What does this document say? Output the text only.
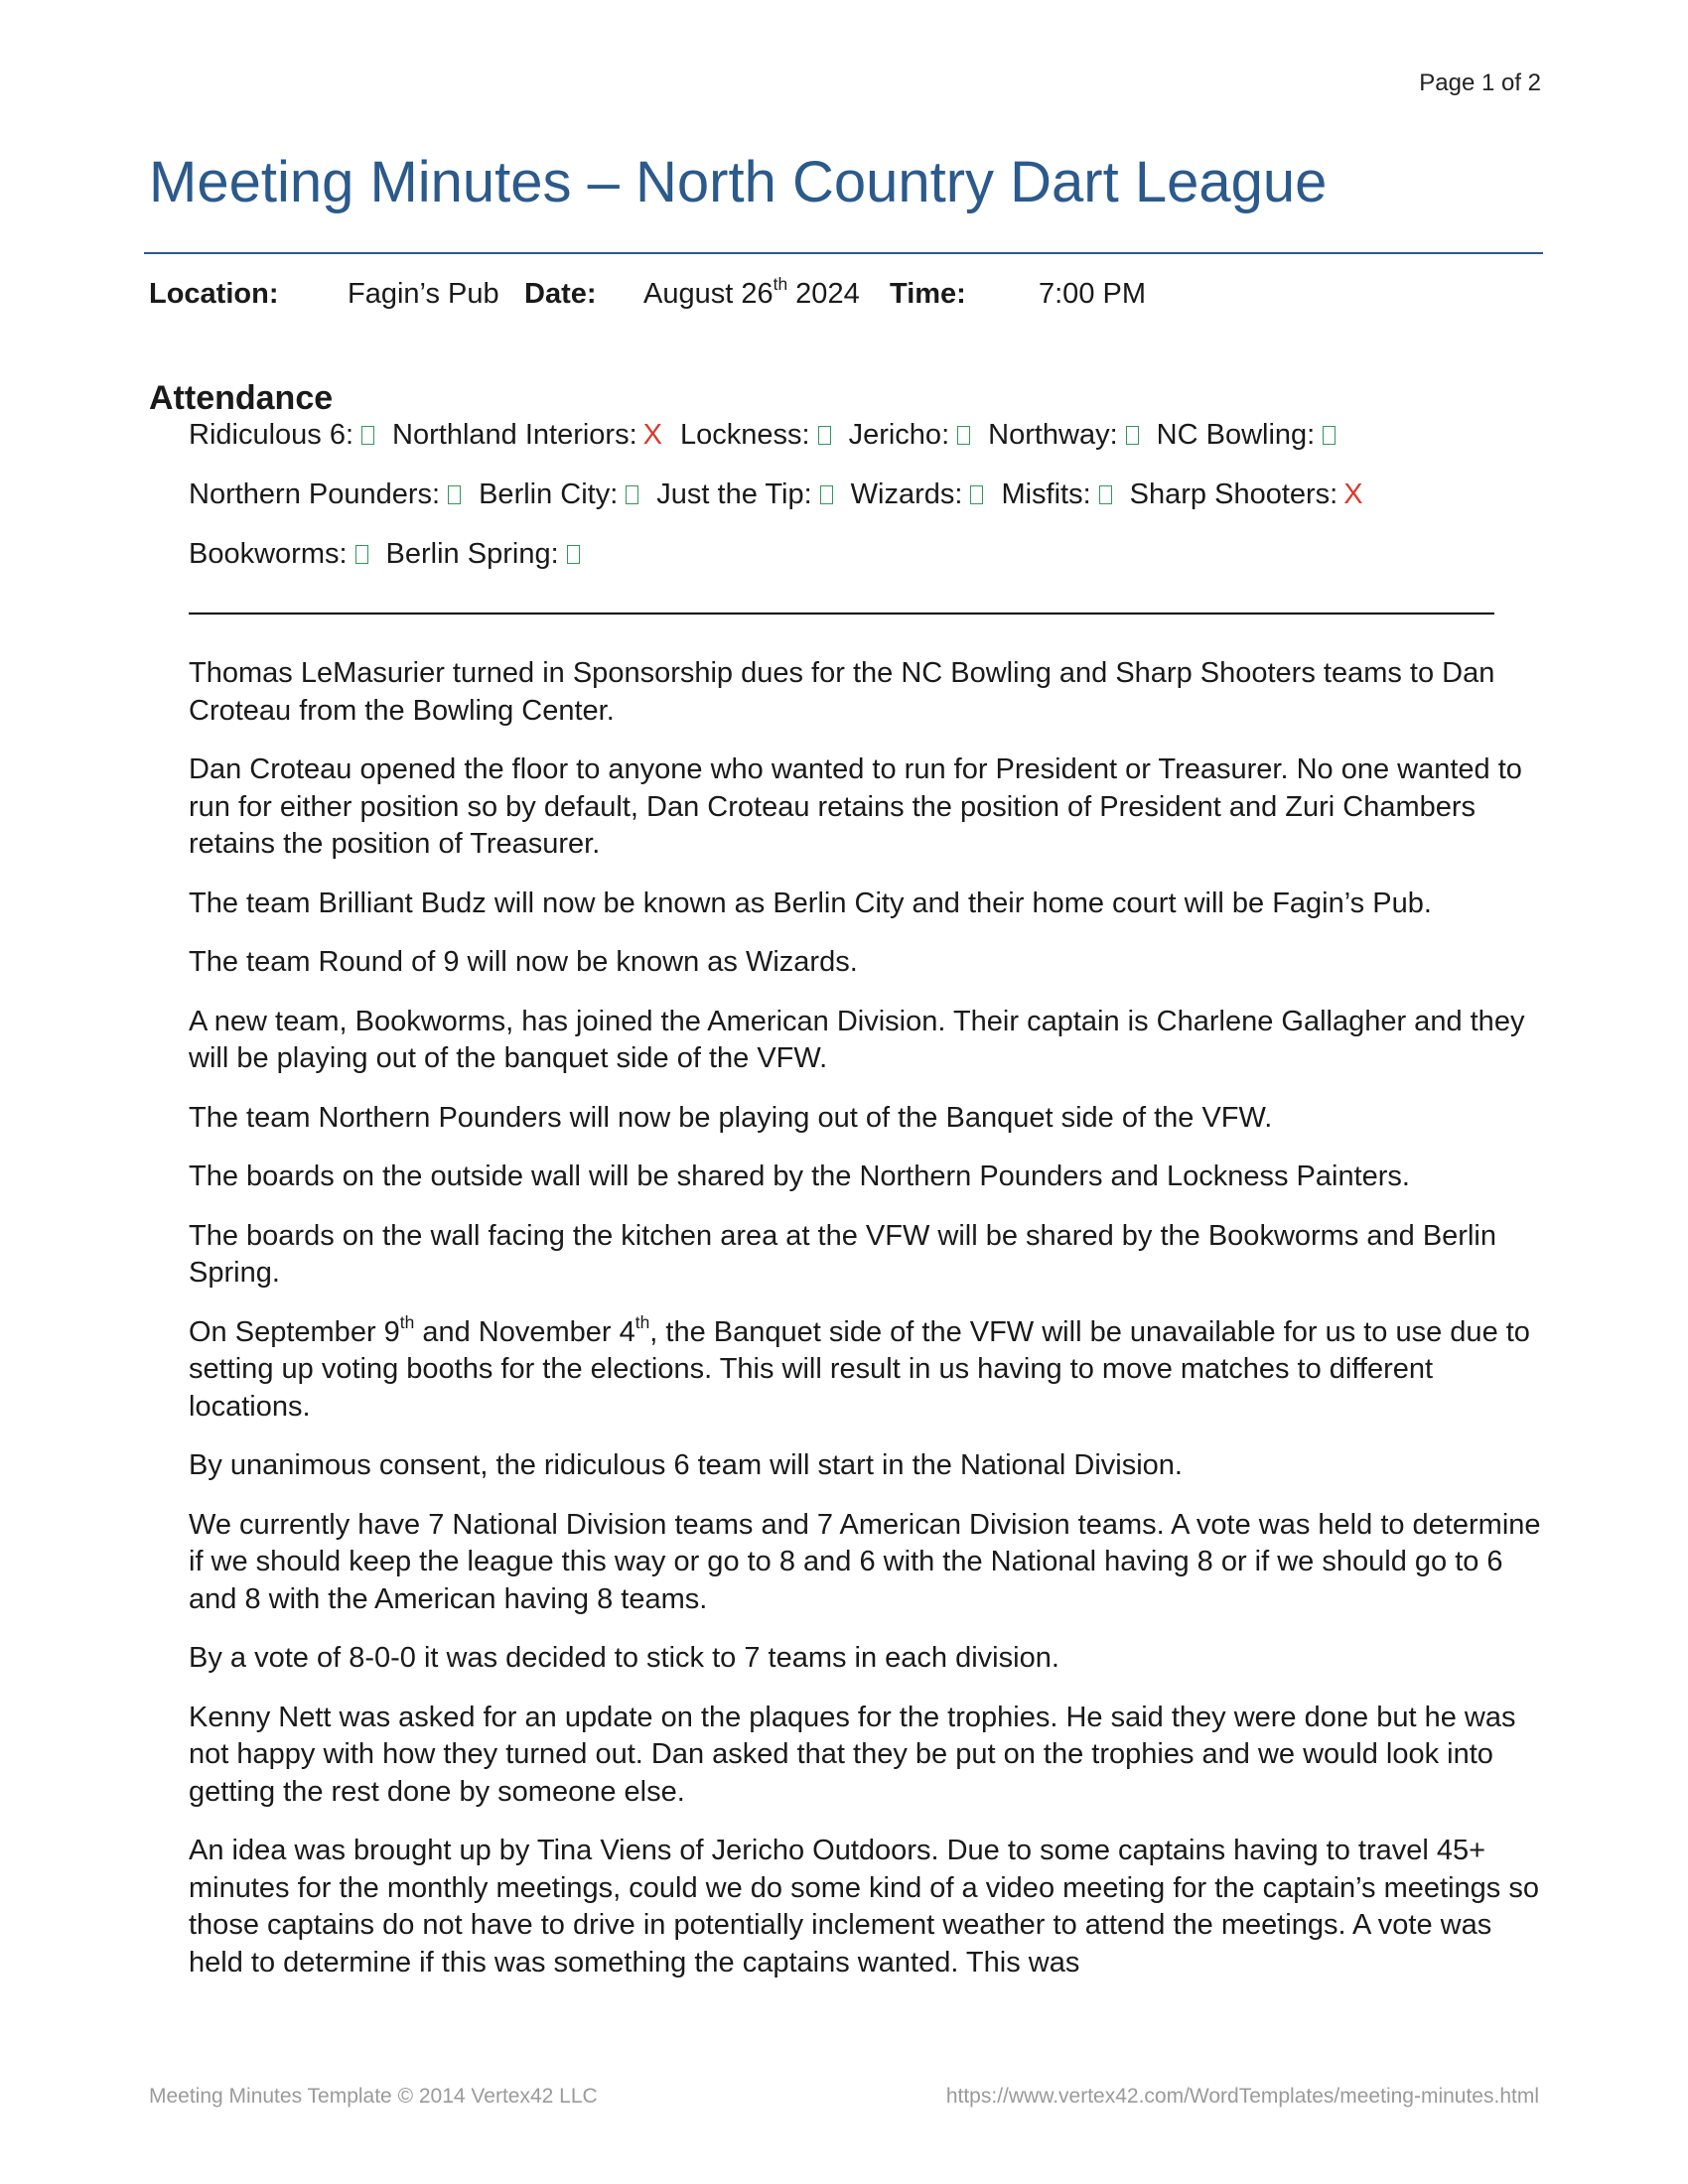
Page 1 of 2
Meeting Minutes – North Country Dart League
Location: Fagin’s Pub Date: August 26th 2024 Time:	7:00 PM
Attendance
Ridiculous 6: Northland Interiors: X Lockness: Jericho: Northway: NC Bowling:
Northern Pounders: Berlin City: Just the Tip: Wizards: Misfits: Sharp Shooters: X
Bookworms: Berlin Spring:

Thomas LeMasurier turned in Sponsorship dues for the NC Bowling and Sharp Shooters teams to Dan Croteau from the Bowling Center.

Dan Croteau opened the floor to anyone who wanted to run for President or Treasurer. No one wanted to run for either position so by default, Dan Croteau retains the position of President and Zuri Chambers retains the position of Treasurer.

The team Brilliant Budz will now be known as Berlin City and their home court will be Fagin’s Pub.

The team Round of 9 will now be known as Wizards.

A new team, Bookworms, has joined the American Division. Their captain is Charlene Gallagher and they will be playing out of the banquet side of the VFW.

The team Northern Pounders will now be playing out of the Banquet side of the VFW.

The boards on the outside wall will be shared by the Northern Pounders and Lockness Painters.

The boards on the wall facing the kitchen area at the VFW will be shared by the Bookworms and Berlin Spring.

On September 9th and November 4th, the Banquet side of the VFW will be unavailable for us to use due to setting up voting booths for the elections. This will result in us having to move matches to different locations.

By unanimous consent, the ridiculous 6 team will start in the National Division.

We currently have 7 National Division teams and 7 American Division teams. A vote was held to determine if we should keep the league this way or go to 8 and 6 with the National having 8 or if we should go to 6 and 8 with the American having 8 teams.

By a vote of 8-0-0 it was decided to stick to 7 teams in each division.

Kenny Nett was asked for an update on the plaques for the trophies. He said they were done but he was not happy with how they turned out. Dan asked that they be put on the trophies and we would look into getting the rest done by someone else.

An idea was brought up by Tina Viens of Jericho Outdoors. Due to some captains having to travel 45+ minutes for the monthly meetings, could we do some kind of a video meeting for the captain’s meetings so those captains do not have to drive in potentially inclement weather to attend the meetings. A vote was held to determine if this was something the captains wanted. This was

Meeting Minutes Template © 2014 Vertex42 LLC	https://www.vertex42.com/WordTemplates/meeting-minutes.html
